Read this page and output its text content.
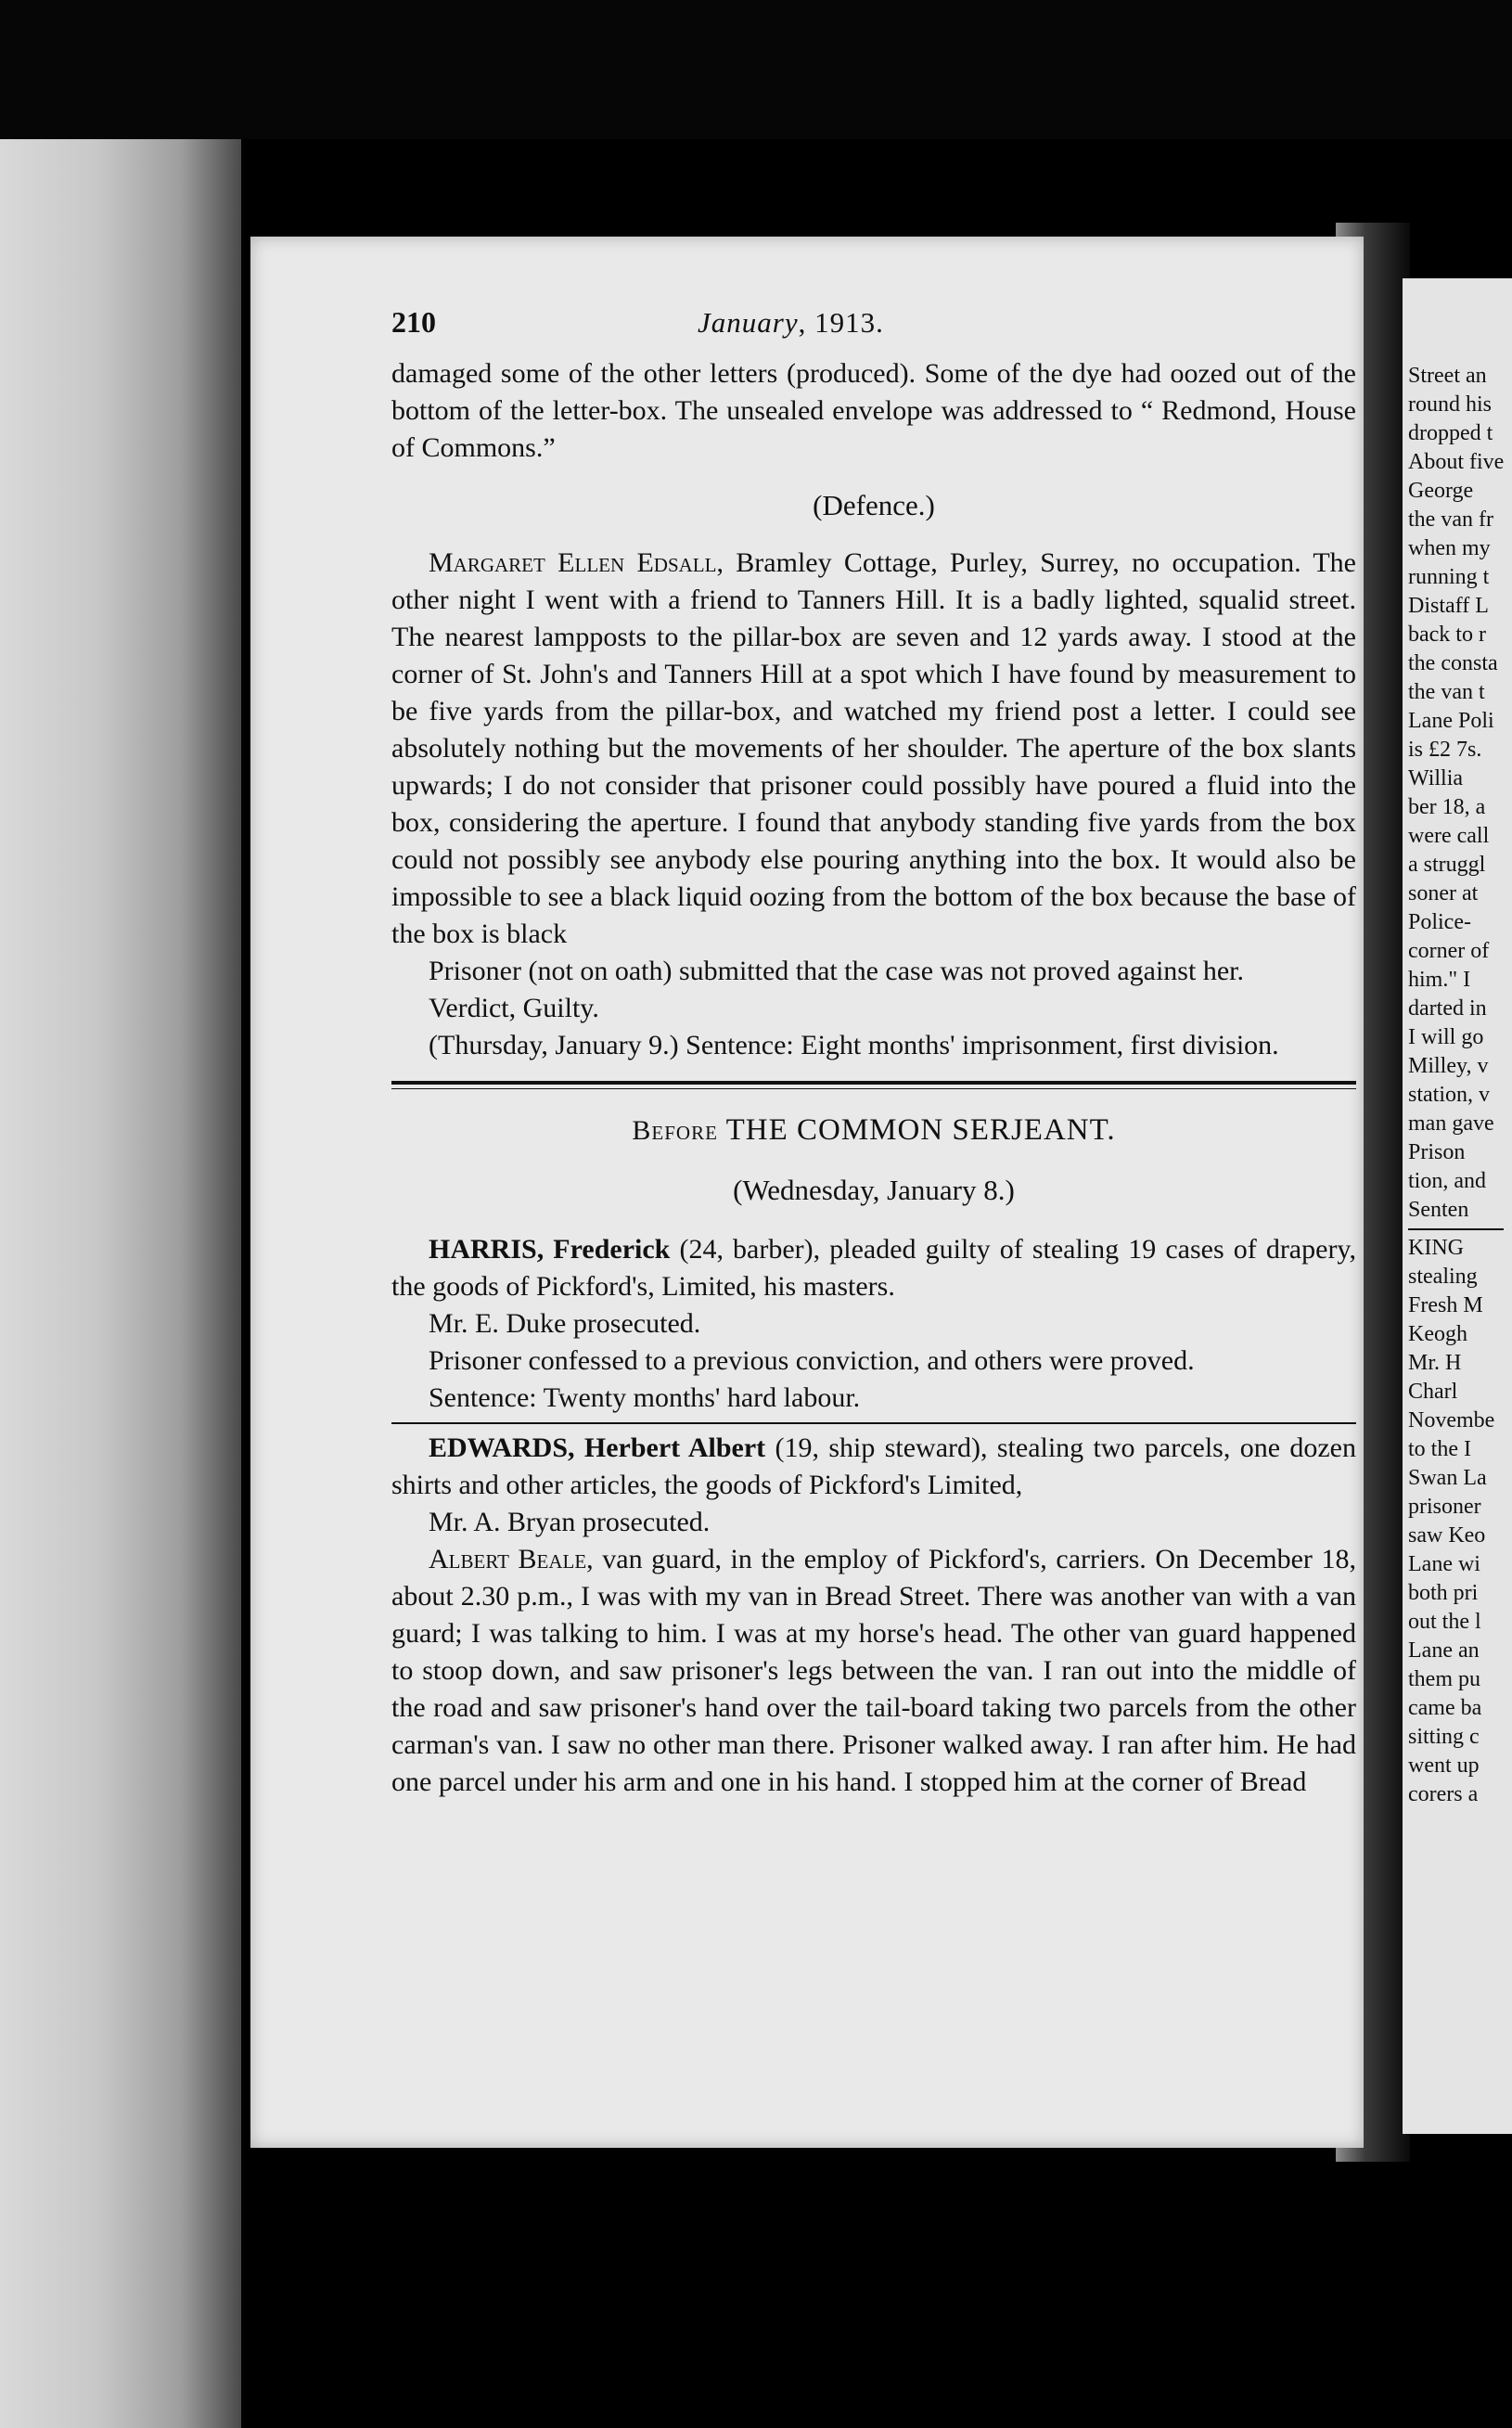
210	January, 1913.

damaged some of the other letters (produced). Some of the dye had oozed out of the bottom of the letter-box. The unsealed envelope was addressed to “ Redmond, House of Commons.”

(Defence.)

Margaret Ellen Edsall, Bramley Cottage, Purley, Surrey, no occupation. The other night I went with a friend to Tanners Hill. It is a badly lighted, squalid street. The nearest lampposts to the pillar-box are seven and 12 yards away. I stood at the corner of St. John's and Tanners Hill at a spot which I have found by measurement to be five yards from the pillar-box, and watched my friend post a letter. I could see absolutely nothing but the movements of her shoulder. The aperture of the box slants upwards; I do not consider that prisoner could possibly have poured a fluid into the box, considering the aperture. I found that anybody standing five yards from the box could not possibly see anybody else pouring anything into the box. It would also be impossible to see a black liquid oozing from the bottom of the box because the base of the box is black

Prisoner (not on oath) submitted that the case was not proved against her.

Verdict, Guilty.

(Thursday, January 9.) Sentence: Eight months' imprisonment, first division.

Before THE COMMON SERJEANT.

(Wednesday, January 8.)

HARRIS, Frederick (24, barber), pleaded guilty of stealing 19 cases of drapery, the goods of Pickford's, Limited, his masters.

Mr. E. Duke prosecuted.

Prisoner confessed to a previous conviction, and others were proved.

Sentence: Twenty months' hard labour.

EDWARDS, Herbert Albert (19, ship steward), stealing two parcels, one dozen shirts and other articles, the goods of Pickford's Limited,

Mr. A. Bryan prosecuted.

Albert Beale, van guard, in the employ of Pickford's, carriers. On December 18, about 2.30 p.m., I was with my van in Bread Street. There was another van with a van guard; I was talking to him. I was at my horse's head. The other van guard happened to stoop down, and saw prisoner's legs between the van. I ran out into the middle of the road and saw prisoner's hand over the tail-board taking two parcels from the other carman's van. I saw no other man there. Prisoner walked away. I ran after him. He had one parcel under his arm and one in his hand. I stopped him at the corner of Bread

Street an
round his
dropped t
About five
George
the van fr
when my
running t
Distaff L
back to r
the consta
the van t
Lane Poli
is £2 7s.
Willia
ber 18, a
were call
a struggl
soner at
Police-
corner of
him." I
darted in
I will go
Milley, v
station, v
man gave
Prison
tion, and
Senten
KING
stealing
Fresh M
Keogh
Mr. H
Charl
Novembe
to the I
Swan La
prisoner
saw Keo
Lane wi
both pri
out the l
Lane an
them pu
came ba
sitting c
went up
corers a
